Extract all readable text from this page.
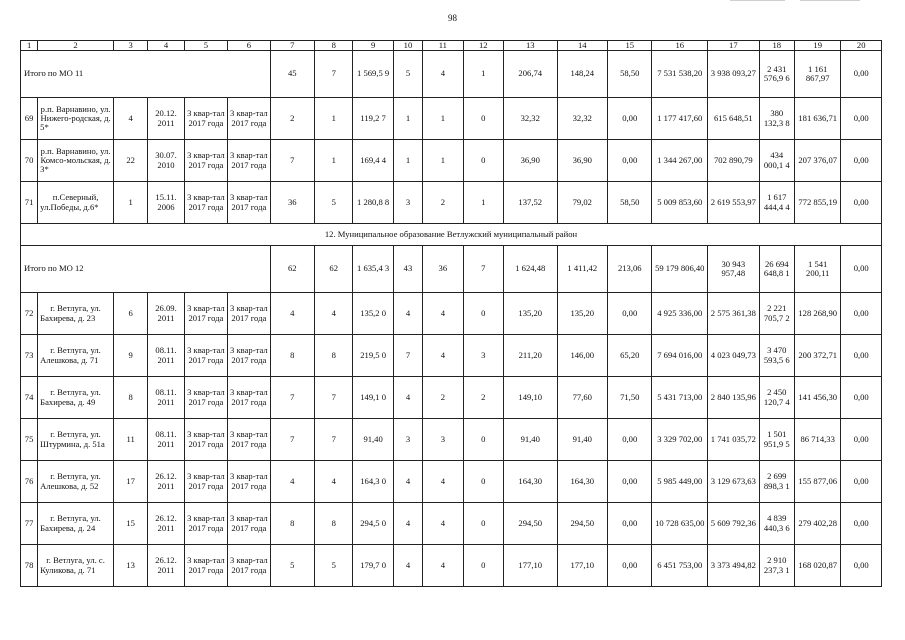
98
1	2	3	4	5	6	7	8	9	10	11	12	13	14	15	16	17	18	19	20
Итого по МО 11						45	7	1 569,5 9	5	4	1	206,74	148,24	58,50	7 531 538,20	3 938 093,27	2 431 576,9 6	1 161 867,97	0,00
69	р.п. Варнавино, ул. Нижего-родская, д. 5*	4	20.12. 2011	3 квар-тал 2017 года	3 квар-тал 2017 года	2	1	119,2 7	1	1	0	32,32	32,32	0,00	1 177 417,60	615 648,51	380 132,3 8	181 636,71	0,00
70	р.п. Варнавино, ул. Комсо-мольская, д. 3*	22	30.07. 2010	3 квар-тал 2017 года	3 квар-тал 2017 года	7	1	169,4 4	1	1	0	36,90	36,90	0,00	1 344 267,00	702 890,79	434 000,1 4	207 376,07	0,00
71	п.Северный, ул.Победы, д.6*	1	15.11. 2006	3 квар-тал 2017 года	3 квар-тал 2017 года	36	5	1 280,8 8	3	2	1	137,52	79,02	58,50	5 009 853,60	2 619 553,97	1 617 444,4 4	772 855,19	0,00
12. Муниципальное образование Ветлужский муниципальный район																			
Итого по МО 12						62	62	1 635,4 3	43	36	7	1 624,48	1 411,42	213,06	59 179 806,40	30 943 957,48	26 694 648,8 1	1 541 200,11	0,00
72	г. Ветлуга, ул. Бахирева, д. 23	6	26.09. 2011	3 квар-тал 2017 года	3 квар-тал 2017 года	4	4	135,2 0	4	4	0	135,20	135,20	0,00	4 925 336,00	2 575 361,38	2 221 705,7 2	128 268,90	0,00
73	г. Ветлуга, ул. Алешкова, д. 71	9	08.11. 2011	3 квар-тал 2017 года	3 квар-тал 2017 года	8	8	219,5 0	7	4	3	211,20	146,00	65,20	7 694 016,00	4 023 049,73	3 470 593,5 6	200 372,71	0,00
74	г. Ветлуга, ул. Бахирева, д. 49	8	08.11. 2011	3 квар-тал 2017 года	3 квар-тал 2017 года	7	7	149,1 0	4	2	2	149,10	77,60	71,50	5 431 713,00	2 840 135,96	2 450 120,7 4	141 456,30	0,00
75	г. Ветлуга, ул. Штурмина, д. 51а	11	08.11. 2011	3 квар-тал 2017 года	3 квар-тал 2017 года	7	7	91,40	3	3	0	91,40	91,40	0,00	3 329 702,00	1 741 035,72	1 501 951,9 5	86 714,33	0,00
76	г. Ветлуга, ул. Алешкова, д. 52	17	26.12. 2011	3 квар-тал 2017 года	3 квар-тал 2017 года	4	4	164,3 0	4	4	0	164,30	164,30	0,00	5 985 449,00	3 129 673,63	2 699 898,3 1	155 877,06	0,00
77	г. Ветлуга, ул. Бахирева, д. 24	15	26.12. 2011	3 квар-тал 2017 года	3 квар-тал 2017 года	8	8	294,5 0	4	4	0	294,50	294,50	0,00	10 728 635,00	5 609 792,36	4 839 440,3 6	279 402,28	0,00
78	г. Ветлуга, ул. с. Куликова, д. 71	13	26.12. 2011	3 квар-тал 2017 года	3 квар-тал 2017 года	5	5	179,7 0	4	4	0	177,10	177,10	0,00	6 451 753,00	3 373 494,82	2 910 237,3 1	168 020,87	0,00
